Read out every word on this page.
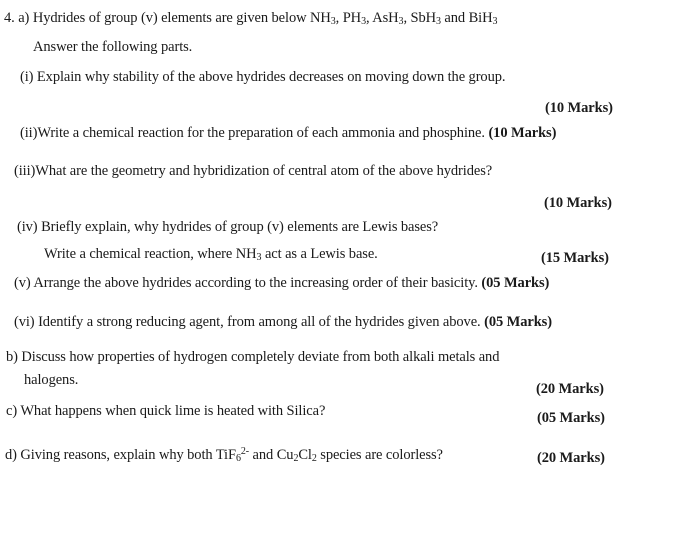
4. a) Hydrides of group (v) elements are given below $NH_3$, $PH_3$, AsH$_3$, SbH$_3$ and BiH$_3$
Answer the following parts.
(i) Explain why stability of the above hydrides decreases on moving down the group.
(10 Marks)
(ii)Write a chemical reaction for the preparation of each ammonia and phosphine. (10 Marks)
(iii)What are the geometry and hybridization of central atom of the above hydrides?
(10 Marks)
(iv) Briefly explain, why hydrides of group (v) elements are Lewis bases?
Write a chemical reaction, where $NH_3$ act as a Lewis base.	(15 Marks)
(v) Arrange the above hydrides according to the increasing order of their basicity. (05 Marks)
(vi) Identify a strong reducing agent, from among all of the hydrides given above. (05 Marks)
b) Discuss how properties of hydrogen completely deviate from both alkali metals and
halogens.
(20 Marks)
c) What happens when quick lime is heated with Silica?	(05 Marks)
d) Giving reasons, explain why both TiF$_6^{2-}$ and $Cu_2Cl_2$ species are colorless?	(20 Marks)
